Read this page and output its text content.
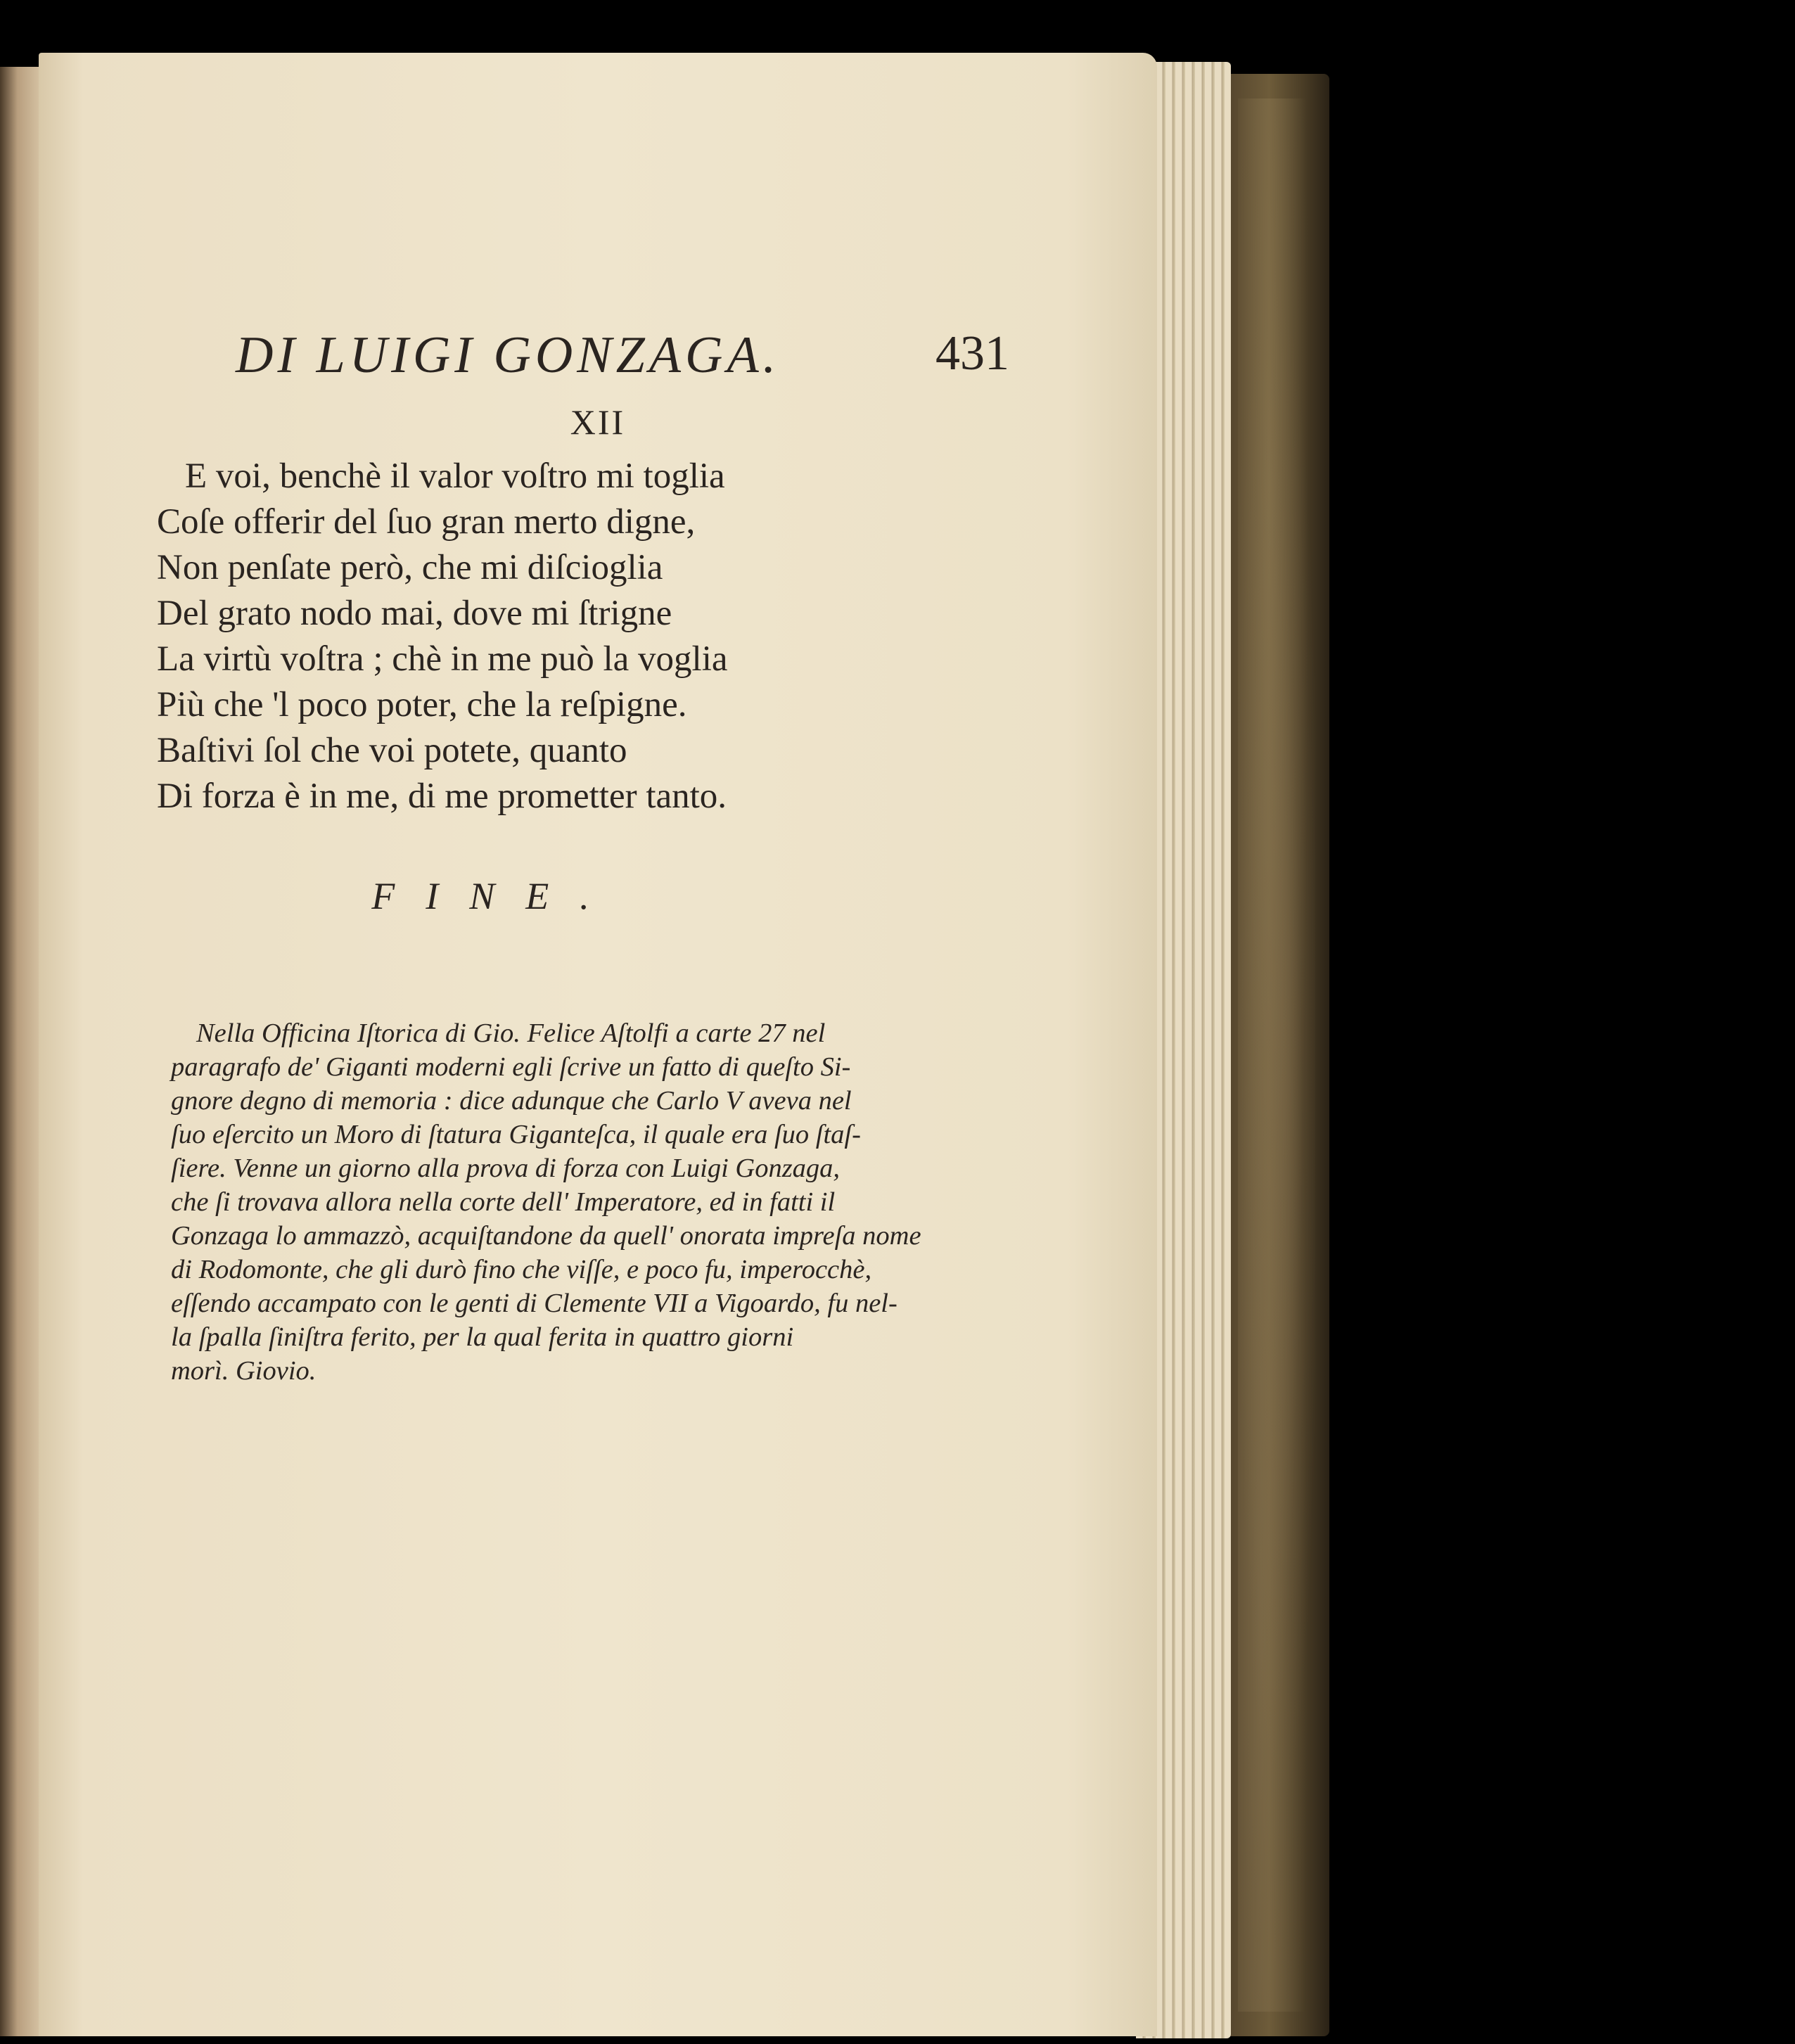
DI LUIGI GONZAGA.	431
XII
E voi, benchè il valor voſtro mi toglia
Coſe offerir del ſuo gran merto digne,
Non penſate però, che mi diſcioglia
Del grato nodo mai, dove mi ſtrigne
La virtù voſtra ; chè in me può la voglia
Più che 'l poco poter, che la reſpigne.
Baſtivi ſol che voi potete, quanto
Di forza è in me, di me prometter tanto.
FINE.
Nella Officina Iſtorica di Gio. Felice Aſtolfi a carte 27 nel
paragrafo de' Giganti moderni egli ſcrive un fatto di queſto Si-
gnore degno di memoria : dice adunque che Carlo V aveva nel
ſuo eſercito un Moro di ſtatura Giganteſca, il quale era ſuo ſtaſ-
ſiere. Venne un giorno alla prova di forza con Luigi Gonzaga,
che ſi trovava allora nella corte dell' Imperatore, ed in fatti il
Gonzaga lo ammazzò, acquiſtandone da quell' onorata impreſa nome
di Rodomonte, che gli durò fino che viſſe, e poco fu, imperocchè,
eſſendo accampato con le genti di Clemente VII a Vigoardo, fu nel-
la ſpalla ſiniſtra ferito, per la qual ferita in quattro giorni
morì. Giovio.
